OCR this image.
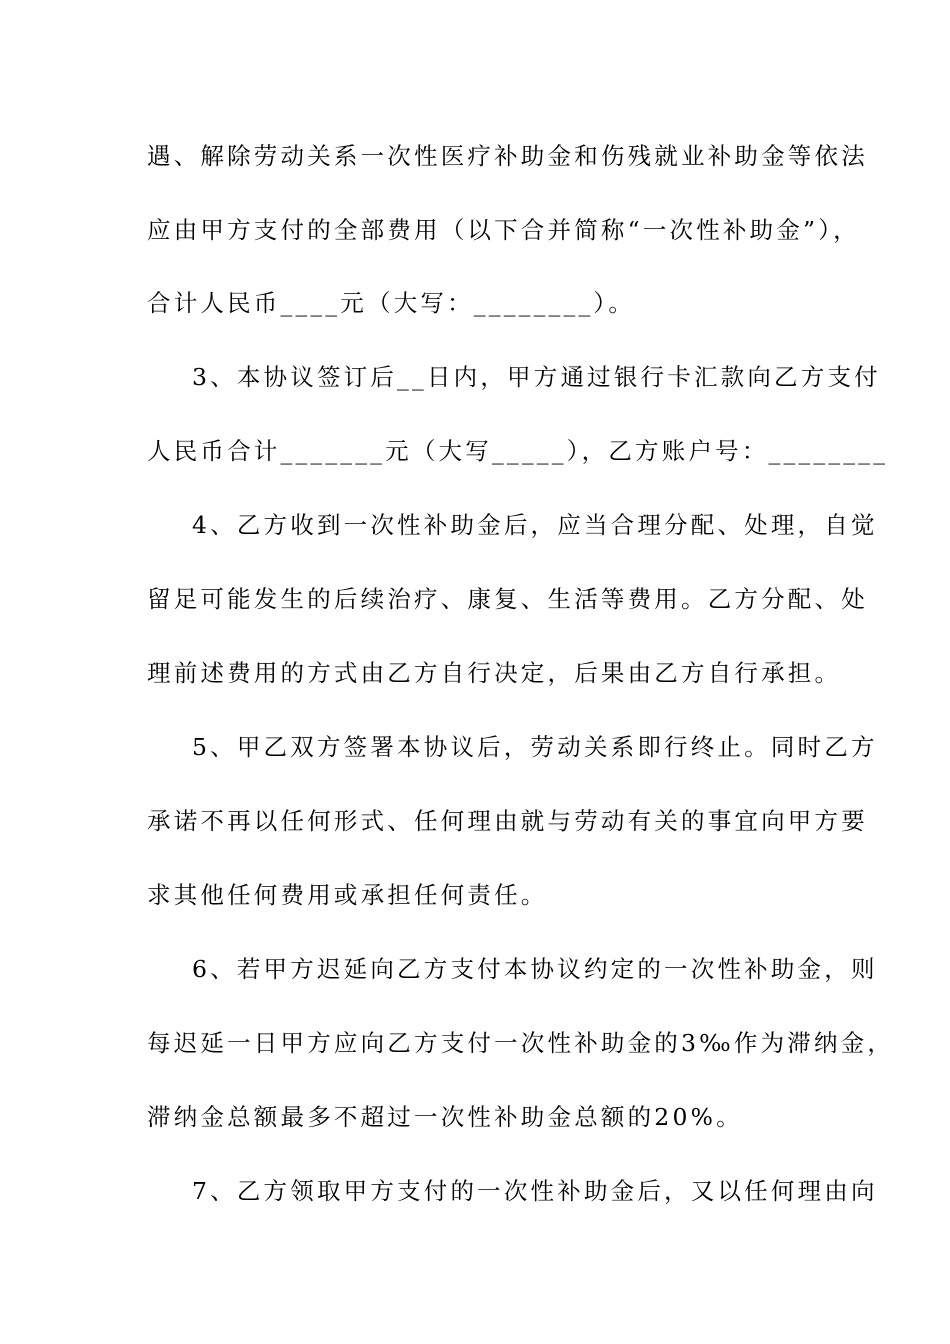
遇、解除劳动关系一次性医疗补助金和伤残就业补助金等依法
应由甲方支付的全部费用（以下合并简称“一次性补助金”），
合计人民币____元（大写：________）。
3、本协议签订后__日内，甲方通过银行卡汇款向乙方支付
人民币合计_______元（大写_____），乙方账户号：________
4、乙方收到一次性补助金后，应当合理分配、处理，自觉
留足可能发生的后续治疗、康复、生活等费用。乙方分配、处
理前述费用的方式由乙方自行决定，后果由乙方自行承担。
5、甲乙双方签署本协议后，劳动关系即行终止。同时乙方
承诺不再以任何形式、任何理由就与劳动有关的事宜向甲方要
求其他任何费用或承担任何责任。
6、若甲方迟延向乙方支付本协议约定的一次性补助金，则
每迟延一日甲方应向乙方支付一次性补助金的3‰作为滞纳金，
滞纳金总额最多不超过一次性补助金总额的20%。
7、乙方领取甲方支付的一次性补助金后，又以任何理由向
